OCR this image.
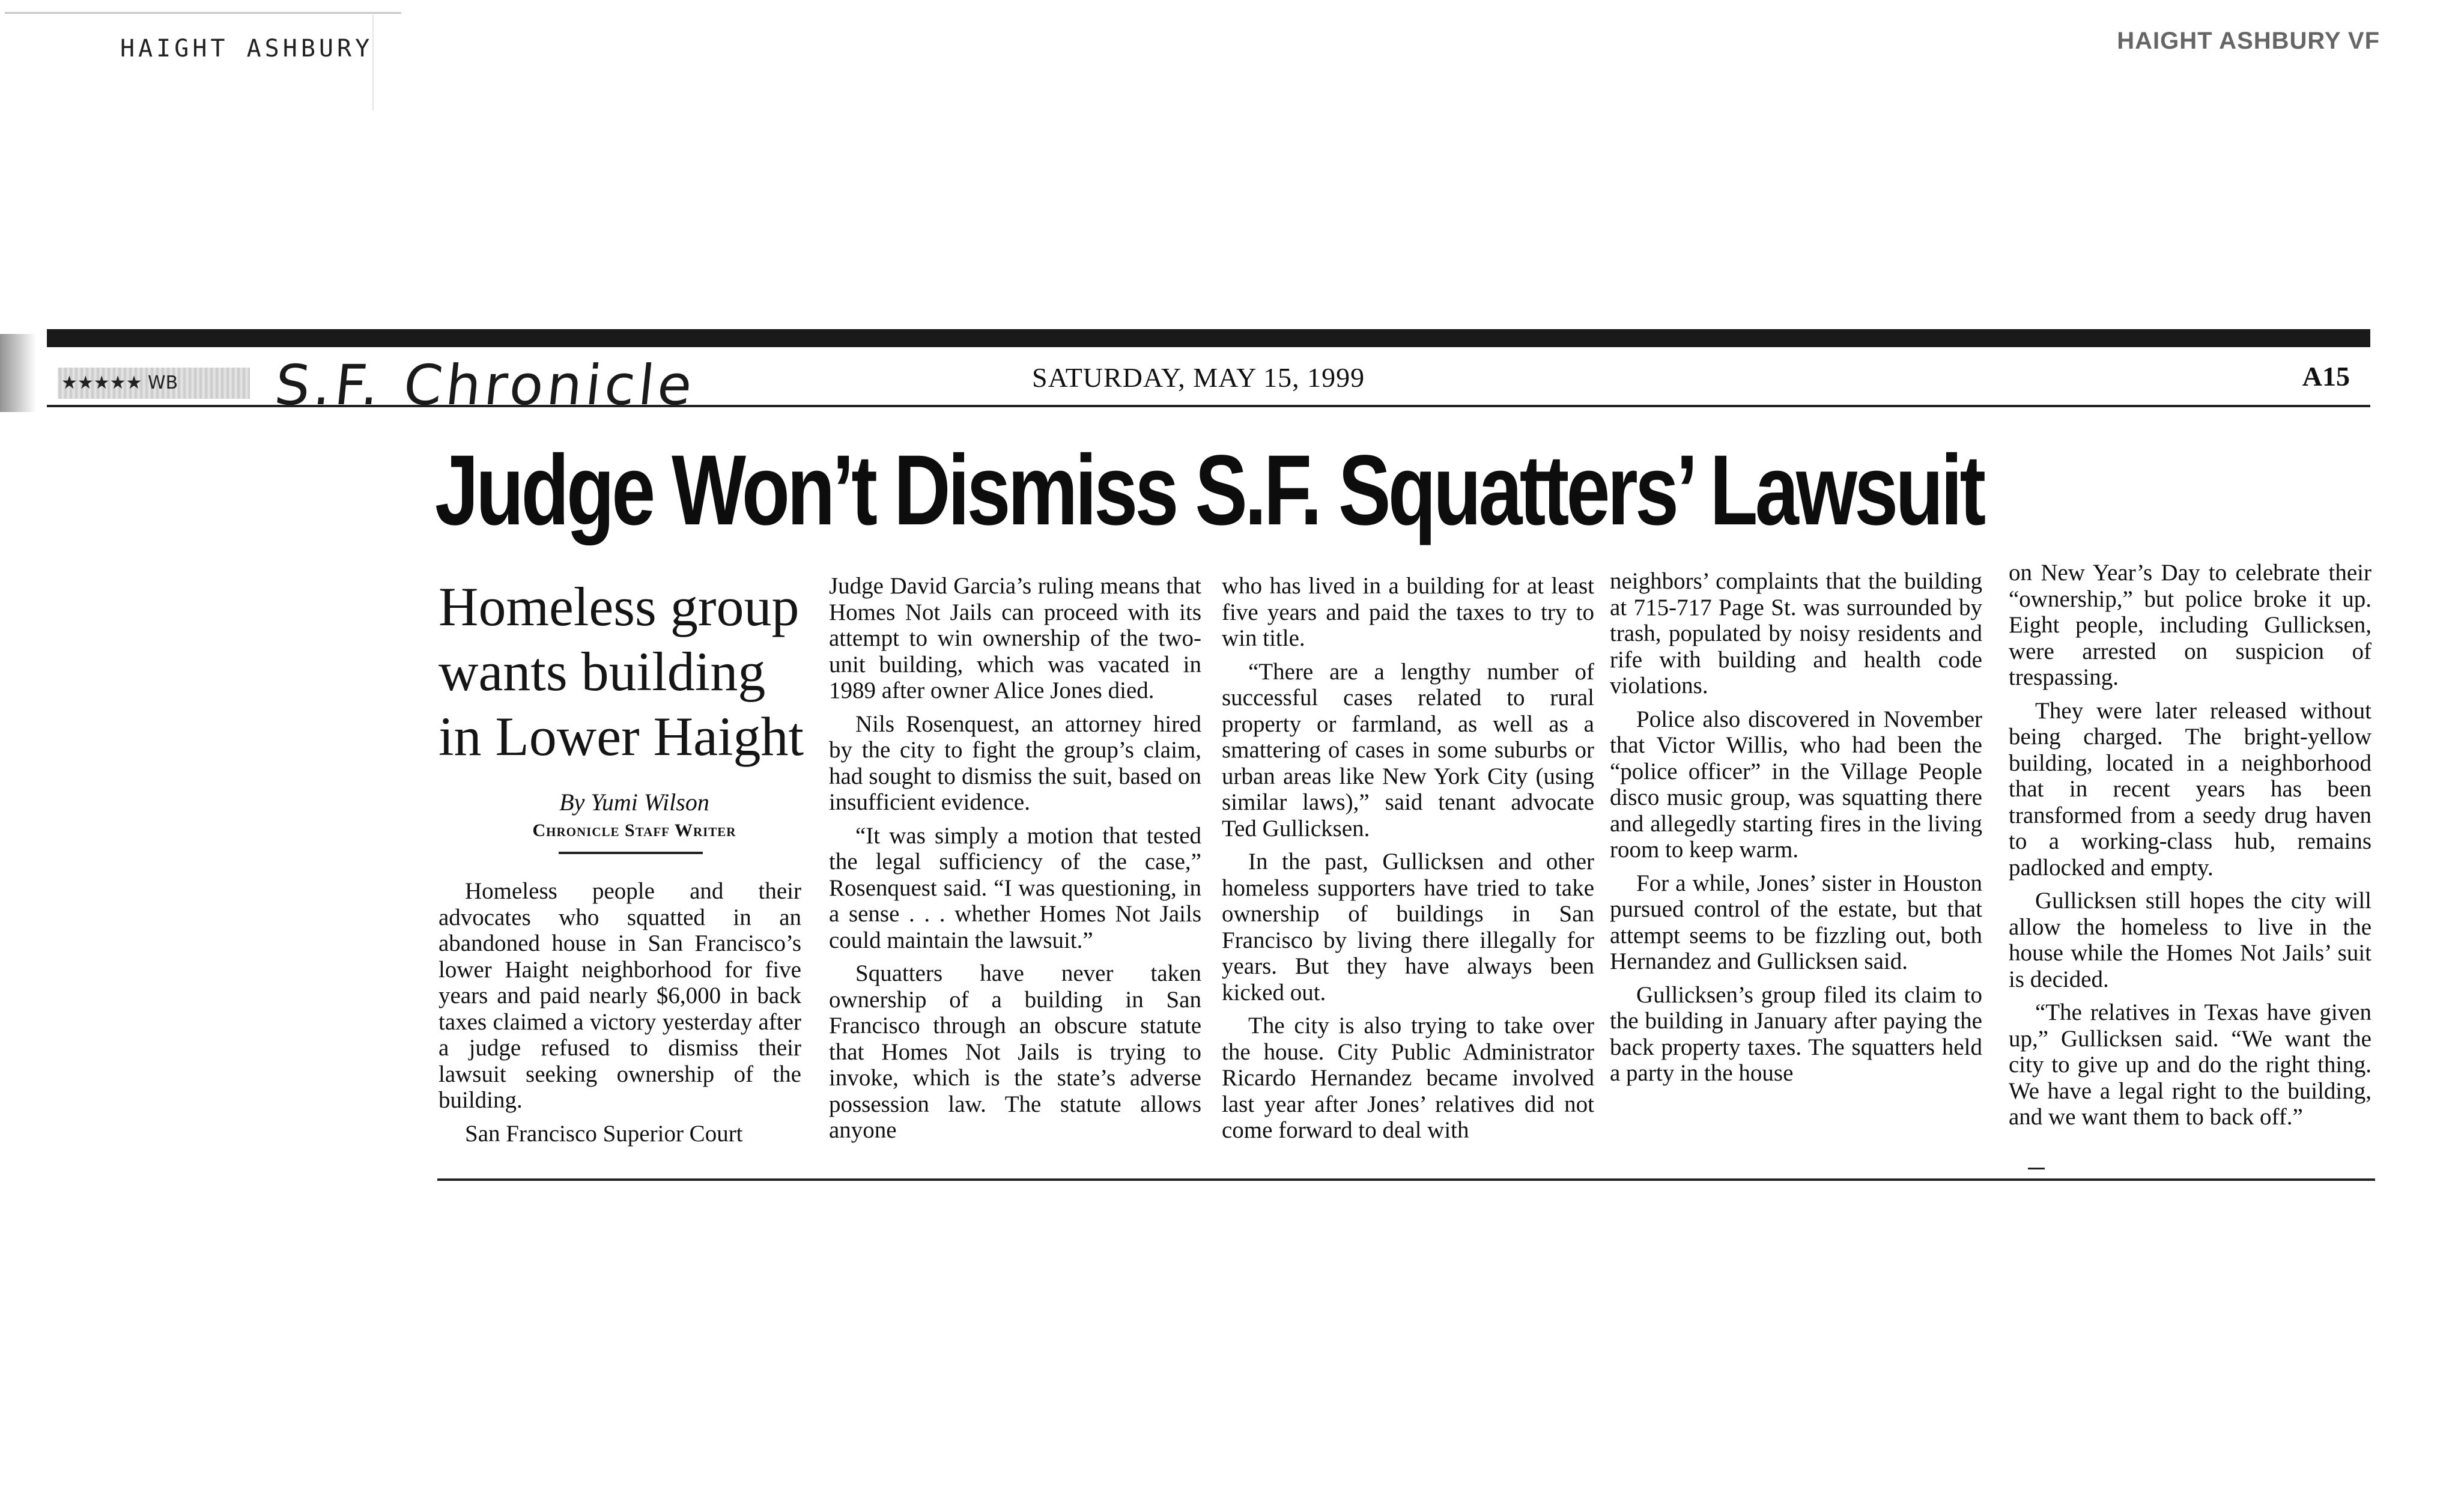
HAIGHT ASHBURY	HAIGHT ASHBURY VF
★★★★★ WB S.F. Chronicle	SATURDAY, MAY 15, 1999	A15
Judge Won’t Dismiss S.F. Squatters’ Lawsuit
Homeless group wants building in Lower Haight
By Yumi Wilson
Chronicle Staff Writer

Homeless people and their advocates who squatted in an abandoned house in San Francisco’s lower Haight neighborhood for five years and paid nearly $6,000 in back taxes claimed a victory yesterday after a judge refused to dismiss their lawsuit seeking ownership of the building.

San Francisco Superior Court

Judge David Garcia’s ruling means that Homes Not Jails can proceed with its attempt to win ownership of the two-unit building, which was vacated in 1989 after owner Alice Jones died.

Nils Rosenquest, an attorney hired by the city to fight the group’s claim, had sought to dismiss the suit, based on insufficient evidence.

“It was simply a motion that tested the legal sufficiency of the case,” Rosenquest said. “I was questioning, in a sense . . . whether Homes Not Jails could maintain the lawsuit.”

Squatters have never taken ownership of a building in San Francisco through an obscure statute that Homes Not Jails is trying to invoke, which is the state’s adverse possession law. The statute allows anyone

who has lived in a building for at least five years and paid the taxes to try to win title.

“There are a lengthy number of successful cases related to rural property or farmland, as well as a smattering of cases in some suburbs or urban areas like New York City (using similar laws),” said tenant advocate Ted Gullicksen.

In the past, Gullicksen and other homeless supporters have tried to take ownership of buildings in San Francisco by living there illegally for years. But they have always been kicked out.

The city is also trying to take over the house. City Public Administrator Ricardo Hernandez became involved last year after Jones’ relatives did not come forward to deal with

neighbors’ complaints that the building at 715-717 Page St. was surrounded by trash, populated by noisy residents and rife with building and health code violations.

Police also discovered in November that Victor Willis, who had been the “police officer” in the Village People disco music group, was squatting there and allegedly starting fires in the living room to keep warm.

For a while, Jones’ sister in Houston pursued control of the estate, but that attempt seems to be fizzling out, both Hernandez and Gullicksen said.

Gullicksen’s group filed its claim to the building in January after paying the back property taxes. The squatters held a party in the house

on New Year’s Day to celebrate their “ownership,” but police broke it up. Eight people, including Gullicksen, were arrested on suspicion of trespassing.

They were later released without being charged. The bright-yellow building, located in a neighborhood that in recent years has been transformed from a seedy drug haven to a working-class hub, remains padlocked and empty.

Gullicksen still hopes the city will allow the homeless to live in the house while the Homes Not Jails’ suit is decided.

“The relatives in Texas have given up,” Gullicksen said. “We want the city to give up and do the right thing. We have a legal right to the building, and we want them to back off.”
